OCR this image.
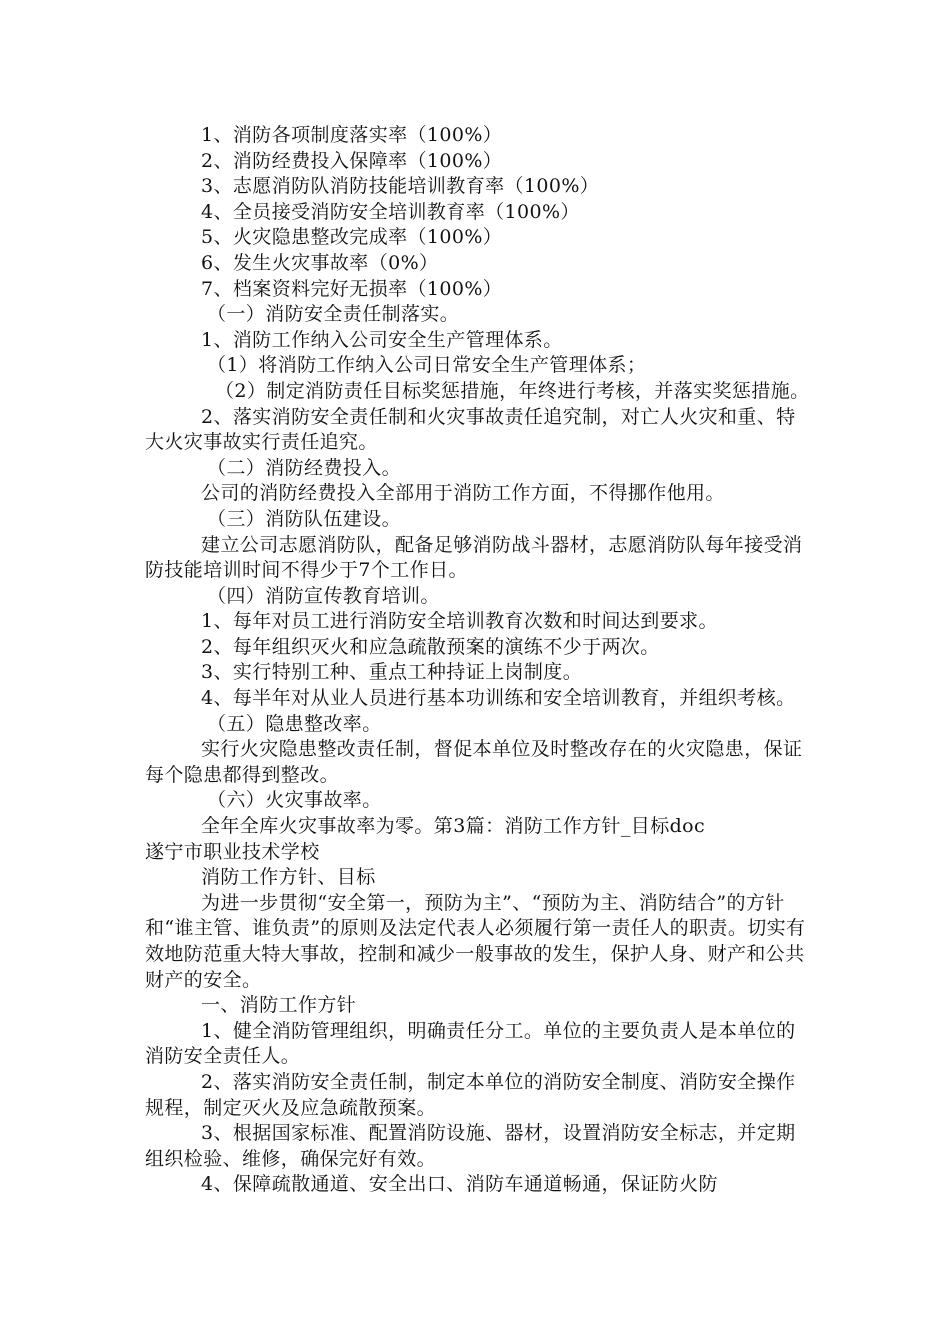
1、消防各项制度落实率（100%）

2、消防经费投入保障率（100%）

3、志愿消防队消防技能培训教育率（100%）

4、全员接受消防安全培训教育率（100%）

5、火灾隐患整改完成率（100%）

6、发生火灾事故率（0%）

7、档案资料完好无损率（100%）

（一）消防安全责任制落实。

1、消防工作纳入公司安全生产管理体系。

（1）将消防工作纳入公司日常安全生产管理体系；

（2）制定消防责任目标奖惩措施，年终进行考核，并落实奖惩措施。

2、落实消防安全责任制和火灾事故责任追究制，对亡人火灾和重、特大火灾事故实行责任追究。

（二）消防经费投入。

公司的消防经费投入全部用于消防工作方面，不得挪作他用。

（三）消防队伍建设。

建立公司志愿消防队，配备足够消防战斗器材，志愿消防队每年接受消防技能培训时间不得少于7个工作日。

（四）消防宣传教育培训。

1、每年对员工进行消防安全培训教育次数和时间达到要求。

2、每年组织灭火和应急疏散预案的演练不少于两次。

3、实行特别工种、重点工种持证上岗制度。

4、每半年对从业人员进行基本功训练和安全培训教育，并组织考核。

（五）隐患整改率。

实行火灾隐患整改责任制，督促本单位及时整改存在的火灾隐患，保证每个隐患都得到整改。

（六）火灾事故率。

全年全库火灾事故率为零。第3篇：消防工作方针_目标doc

遂宁市职业技术学校

消防工作方针、目标

为进一步贯彻“安全第一，预防为主”、“预防为主、消防结合”的方针和“谁主管、谁负责”的原则及法定代表人必须履行第一责任人的职责。切实有效地防范重大特大事故，控制和减少一般事故的发生，保护人身、财产和公共财产的安全。

一、消防工作方针

1、健全消防管理组织，明确责任分工。单位的主要负责人是本单位的消防安全责任人。

2、落实消防安全责任制，制定本单位的消防安全制度、消防安全操作规程，制定灭火及应急疏散预案。

3、根据国家标准、配置消防设施、器材，设置消防安全标志，并定期组织检验、维修，确保完好有效。

4、保障疏散通道、安全出口、消防车通道畅通，保证防火防
